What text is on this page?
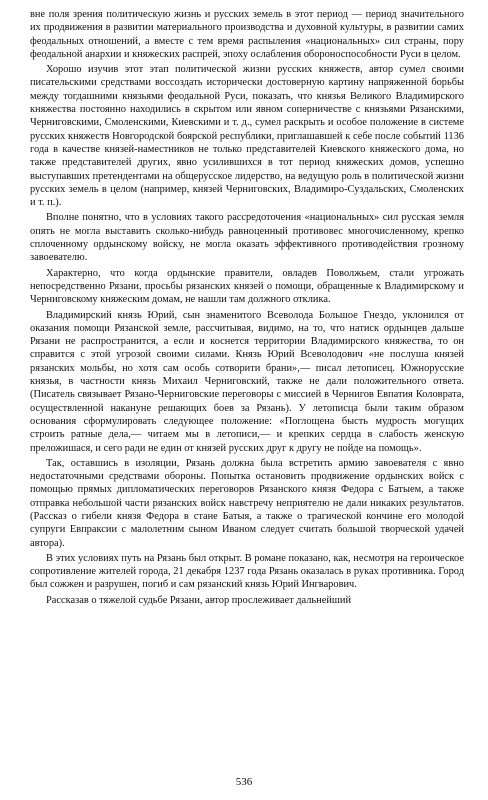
вне поля зрения политическую жизнь и русских земель в этот период — период значительного их продвижения в развитии материального производства и духовной культуры, в развитии самих феодальных отношений, а вместе с тем время распыления «национальных» сил страны, пору феодальной анархии и княжеских распрей, эпоху ослабления обороноспособности Руси в целом.

Хорошо изучив этот этап политической жизни русских княжеств, автор сумел своими писательскими средствами воссоздать исторически достоверную картину напряженной борьбы между тогдашними князьями феодальной Руси, показать, что князья Великого Владимирского княжества постоянно находились в скрытом или явном соперничестве с князьями Рязанскими, Черниговскими, Смоленскими, Киевскими и т. д., сумел раскрыть и особое положение в системе русских княжеств Новгородской боярской республики, приглашавшей к себе после событий 1136 года в качестве князей-наместников не только представителей Киевского княжеского дома, но также представителей других, явно усилившихся в тот период княжеских домов, успешно выступавших претендентами на общерусское лидерство, на ведущую роль в политической жизни русских земель в целом (например, князей Черниговских, Владимиро-Суздальских, Смоленских и т. п.).

Вполне понятно, что в условиях такого рассредоточения «национальных» сил русская земля опять не могла выставить сколько-нибудь равноценный противовес многочисленному, крепко сплоченному ордынскому войску, не могла оказать эффективного противодействия грозному завоевателю.

Характерно, что когда ордынские правители, овладев Поволжьем, стали угрожать непосредственно Рязани, просьбы рязанских князей о помощи, обращенные к Владимирскому и Черниговскому княжеским домам, не нашли там должного отклика.

Владимирский князь Юрий, сын знаменитого Всеволода Большое Гнездо, уклонился от оказания помощи Рязанской земле, рассчитывая, видимо, на то, что натиск ордынцев дальше Рязани не распространится, а если и коснется территории Владимирского княжества, то он справится с этой угрозой своими силами. Князь Юрий Всеволодович «не послуша князей рязанских мольбы, но хотя сам особь сотворити брани»,— писал летописец. Южнорусские князья, в частности князь Михаил Черниговский, также не дали положительного ответа. (Писатель связывает Рязано-Черниговские переговоры с миссией в Чернигов Евпатия Коловрата, осуществленной накануне решающих боев за Рязань). У летописца были таким образом основания сформулировать следующее положение: «Поглощена бысть мудрость могущих строить ратные дела,— читаем мы в летописи,— и крепких сердца в слабость женскую преложишася, и сего ради не един от князей русских друг к другу не пойде на помощь».

Так, оставшись в изоляции, Рязань должна была встретить армию завоевателя с явно недостаточными средствами обороны. Попытка остановить продвижение ордынских войск с помощью прямых дипломатических переговоров Рязанского князя Федора с Батыем, а также отправка небольшой части рязанских войск навстречу неприятелю не дали никаких результатов. (Рассказ о гибели князя Федора в стане Батыя, а также о трагической кончине его молодой супруги Евпраксии с малолетним сыном Иваном следует считать большой творческой удачей автора).

В этих условиях путь на Рязань был открыт. В романе показано, как, несмотря на героическое сопротивление жителей города, 21 декабря 1237 года Рязань оказалась в руках противника. Город был сожжен и разрушен, погиб и сам рязанский князь Юрий Ингварович.

Рассказав о тяжелой судьбе Рязани, автор прослеживает дальнейший

536
